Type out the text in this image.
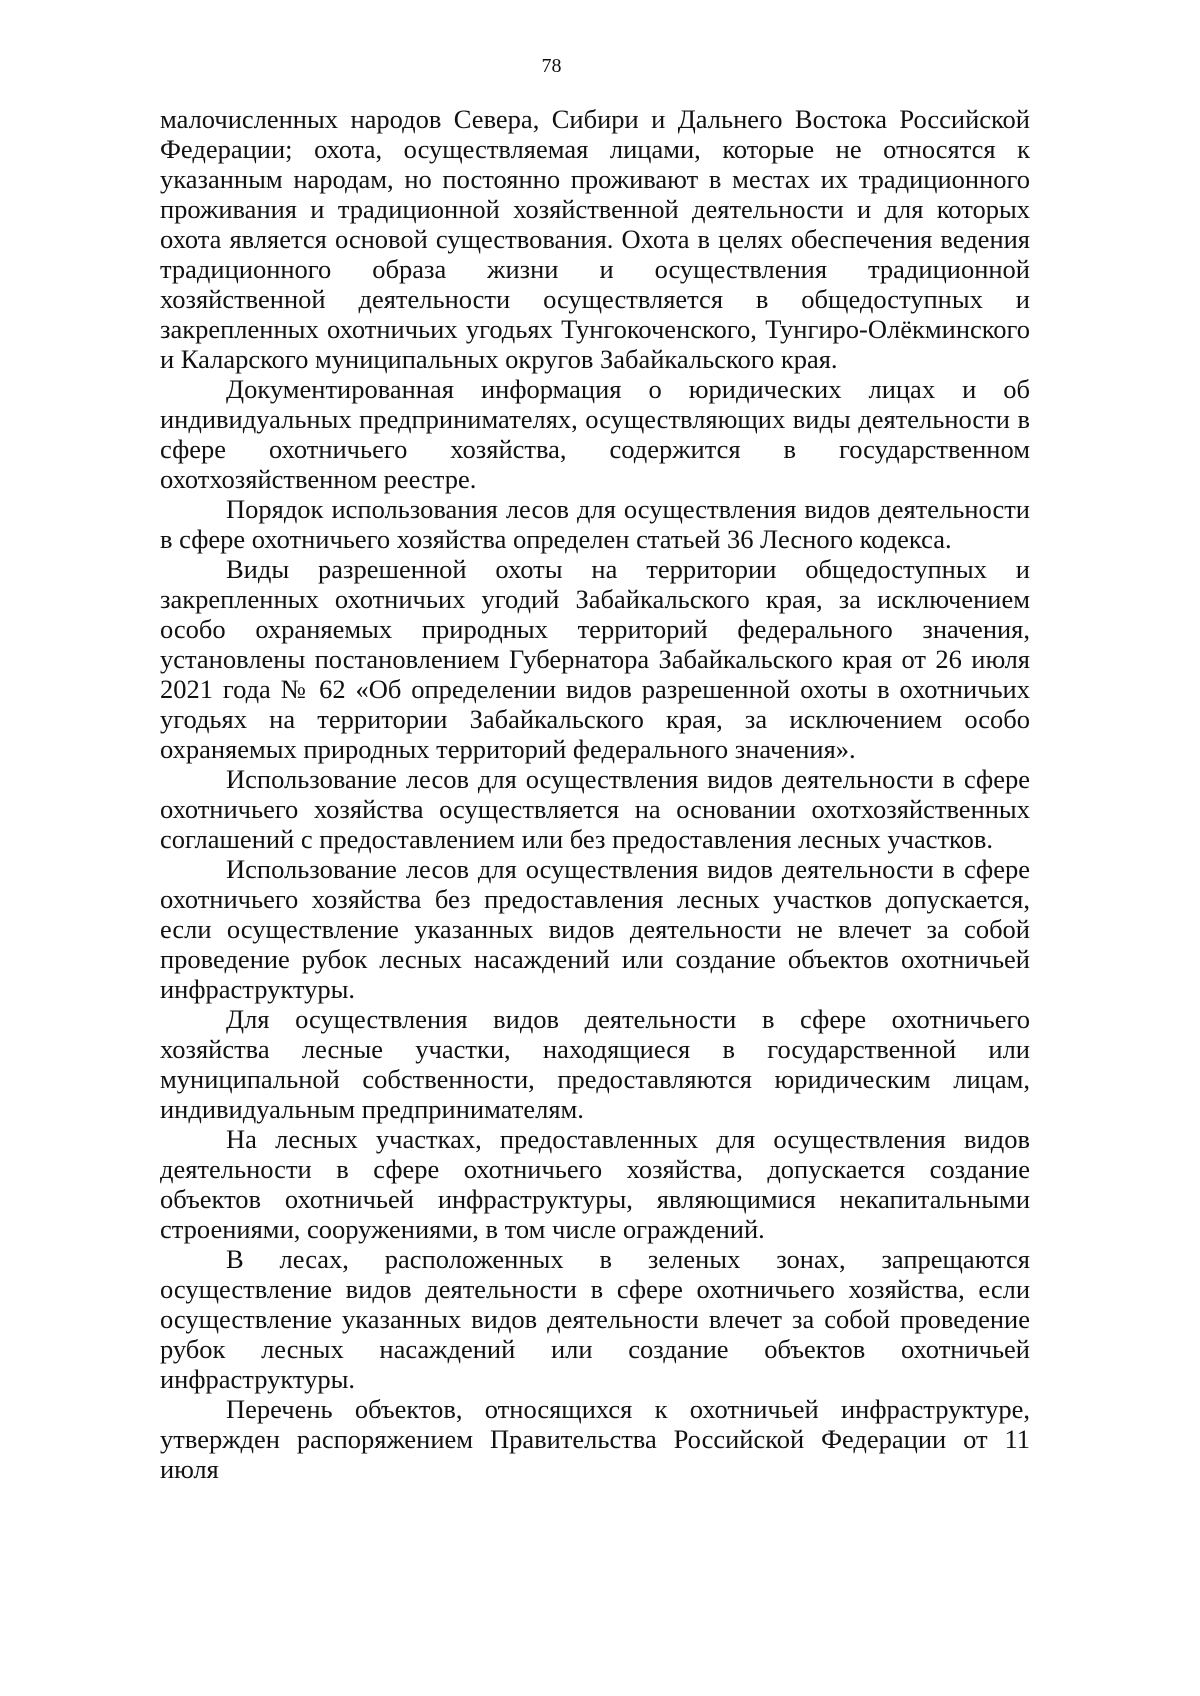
78

малочисленных народов Севера, Сибири и Дальнего Востока Российской Федерации; охота, осуществляемая лицами, которые не относятся к указанным народам, но постоянно проживают в местах их традиционного проживания и традиционной хозяйственной деятельности и для которых охота является основой существования. Охота в целях обеспечения ведения традиционного образа жизни и осуществления традиционной хозяйственной деятельности осуществляется в общедоступных и закрепленных охотничьих угодьях Тунгокоченского, Тунгиро-Олёкминского и Каларского муниципальных округов Забайкальского края.

Документированная информация о юридических лицах и об индивидуальных предпринимателях, осуществляющих виды деятельности в сфере охотничьего хозяйства, содержится в государственном охотхозяйственном реестре.

Порядок использования лесов для осуществления видов деятельности в сфере охотничьего хозяйства определен статьей 36 Лесного кодекса.

Виды разрешенной охоты на территории общедоступных и закрепленных охотничьих угодий Забайкальского края, за исключением особо охраняемых природных территорий федерального значения, установлены постановлением Губернатора Забайкальского края от 26 июля 2021 года № 62 «Об определении видов разрешенной охоты в охотничьих угодьях на территории Забайкальского края, за исключением особо охраняемых природных территорий федерального значения».

Использование лесов для осуществления видов деятельности в сфере охотничьего хозяйства осуществляется на основании охотхозяйственных соглашений с предоставлением или без предоставления лесных участков.

Использование лесов для осуществления видов деятельности в сфере охотничьего хозяйства без предоставления лесных участков допускается, если осуществление указанных видов деятельности не влечет за собой проведение рубок лесных насаждений или создание объектов охотничьей инфраструктуры.

Для осуществления видов деятельности в сфере охотничьего хозяйства лесные участки, находящиеся в государственной или муниципальной собственности, предоставляются юридическим лицам, индивидуальным предпринимателям.

На лесных участках, предоставленных для осуществления видов деятельности в сфере охотничьего хозяйства, допускается создание объектов охотничьей инфраструктуры, являющимися некапитальными строениями, сооружениями, в том числе ограждений.

В лесах, расположенных в зеленых зонах, запрещаются осуществление видов деятельности в сфере охотничьего хозяйства, если осуществление указанных видов деятельности влечет за собой проведение рубок лесных насаждений или создание объектов охотничьей инфраструктуры.

Перечень объектов, относящихся к охотничьей инфраструктуре, утвержден распоряжением Правительства Российской Федерации от 11 июля
